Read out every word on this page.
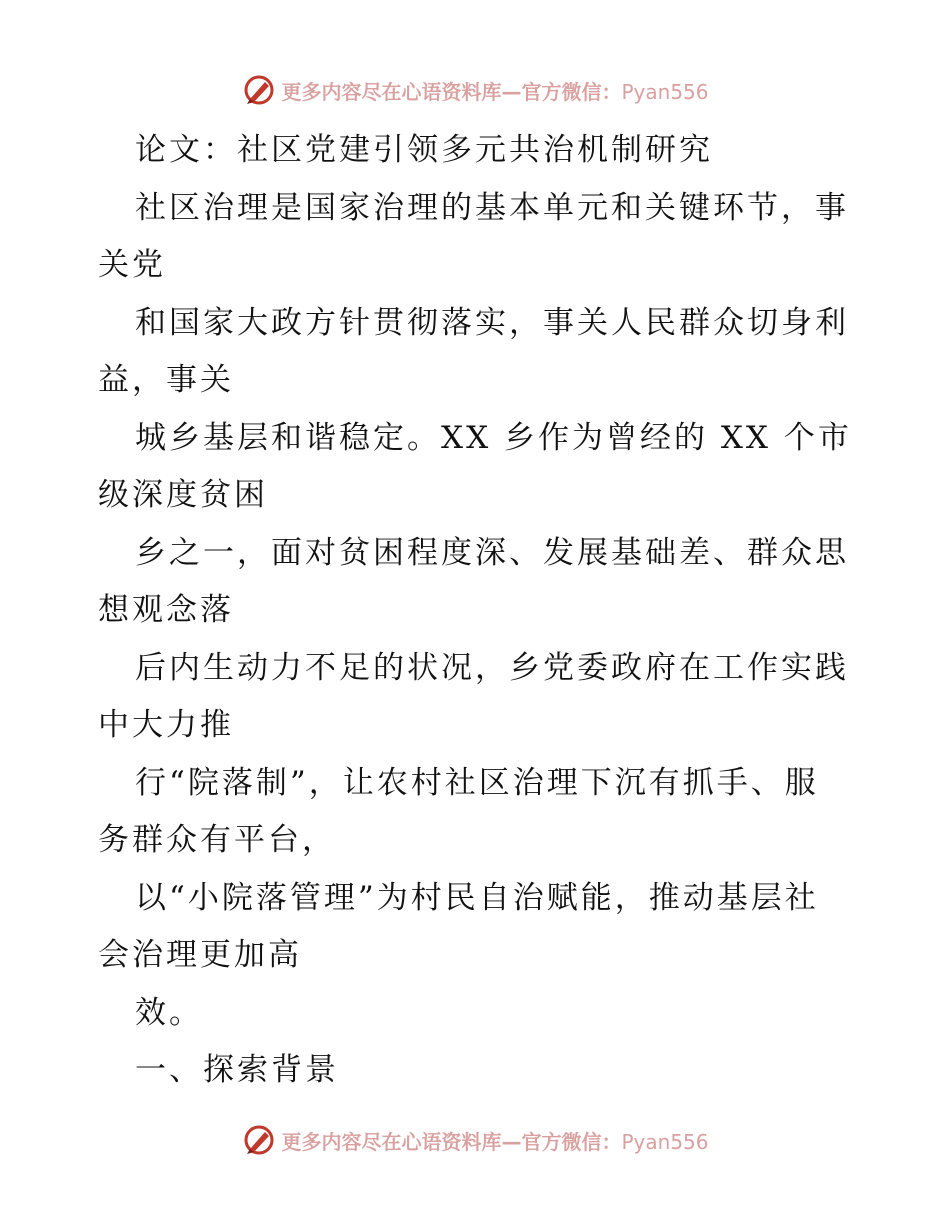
更多内容尽在心语资料库—官方微信：Pyan556
论文：社区党建引领多元共治机制研究
社区治理是国家治理的基本单元和关键环节，事
关党
和国家大政方针贯彻落实，事关人民群众切身利
益，事关
城乡基层和谐稳定。XX 乡作为曾经的 XX 个市
级深度贫困
乡之一，面对贫困程度深、发展基础差、群众思
想观念落
后内生动力不足的状况，乡党委政府在工作实践
中大力推
行“院落制”，让农村社区治理下沉有抓手、服
务群众有平台，
以“小院落管理”为村民自治赋能，推动基层社
会治理更加高
效。
一、探索背景
更多内容尽在心语资料库—官方微信：Pyan556
